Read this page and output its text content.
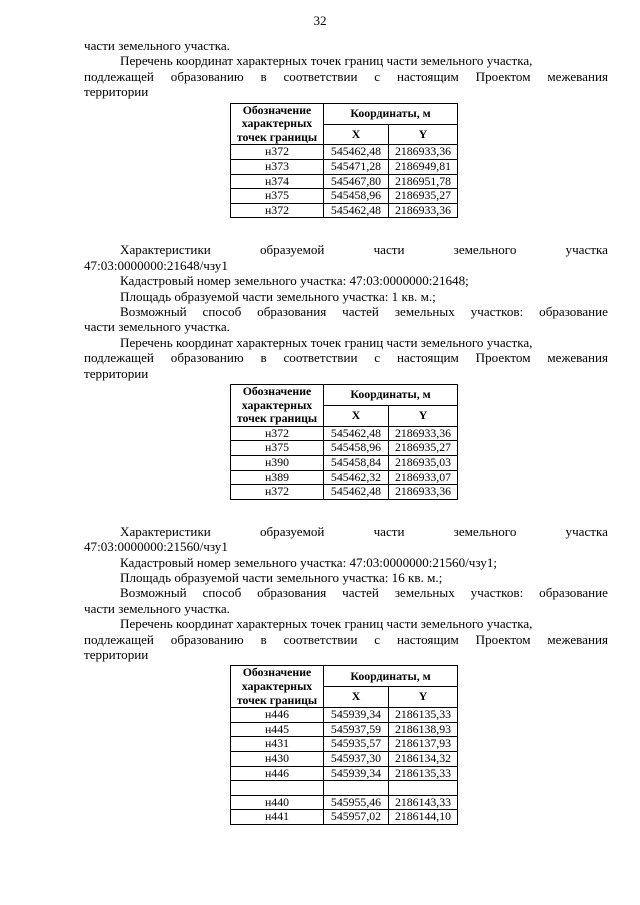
32

части земельного участка.

Перечень координат характерных точек границ части земельного участка,

подлежащей образованию в соответствии с настоящим Проектом межевания

территории

Обозначение характерных точек границы	Координаты, м	
	X	Y
н372	545462,48	2186933,36
н373	545471,28	2186949,81
н374	545467,80	2186951,78
н375	545458,96	2186935,27
н372	545462,48	2186933,36

Характеристики образуемой части земельного участка

47:03:0000000:21648/чзу1

Кадастровый номер земельного участка: 47:03:0000000:21648;

Площадь образуемой части земельного участка: 1 кв. м.;

Возможный способ образования частей земельных участков: образование

части земельного участка.

Перечень координат характерных точек границ части земельного участка,

подлежащей образованию в соответствии с настоящим Проектом межевания

территории

Обозначение характерных точек границы	Координаты, м	
	X	Y
н372	545462,48	2186933,36
н375	545458,96	2186935,27
н390	545458,84	2186935,03
н389	545462,32	2186933,07
н372	545462,48	2186933,36

Характеристики образуемой части земельного участка

47:03:0000000:21560/чзу1

Кадастровый номер земельного участка: 47:03:0000000:21560/чзу1;

Площадь образуемой части земельного участка: 16 кв. м.;

Возможный способ образования частей земельных участков: образование

части земельного участка.

Перечень координат характерных точек границ части земельного участка,

подлежащей образованию в соответствии с настоящим Проектом межевания

территории

Обозначение характерных точек границы	Координаты, м	
	X	Y
н446	545939,34	2186135,33
н445	545937,59	2186138,93
н431	545935,57	2186137,93
н430	545937,30	2186134,32
н446	545939,34	2186135,33

н440	545955,46	2186143,33
н441	545957,02	2186144,10
